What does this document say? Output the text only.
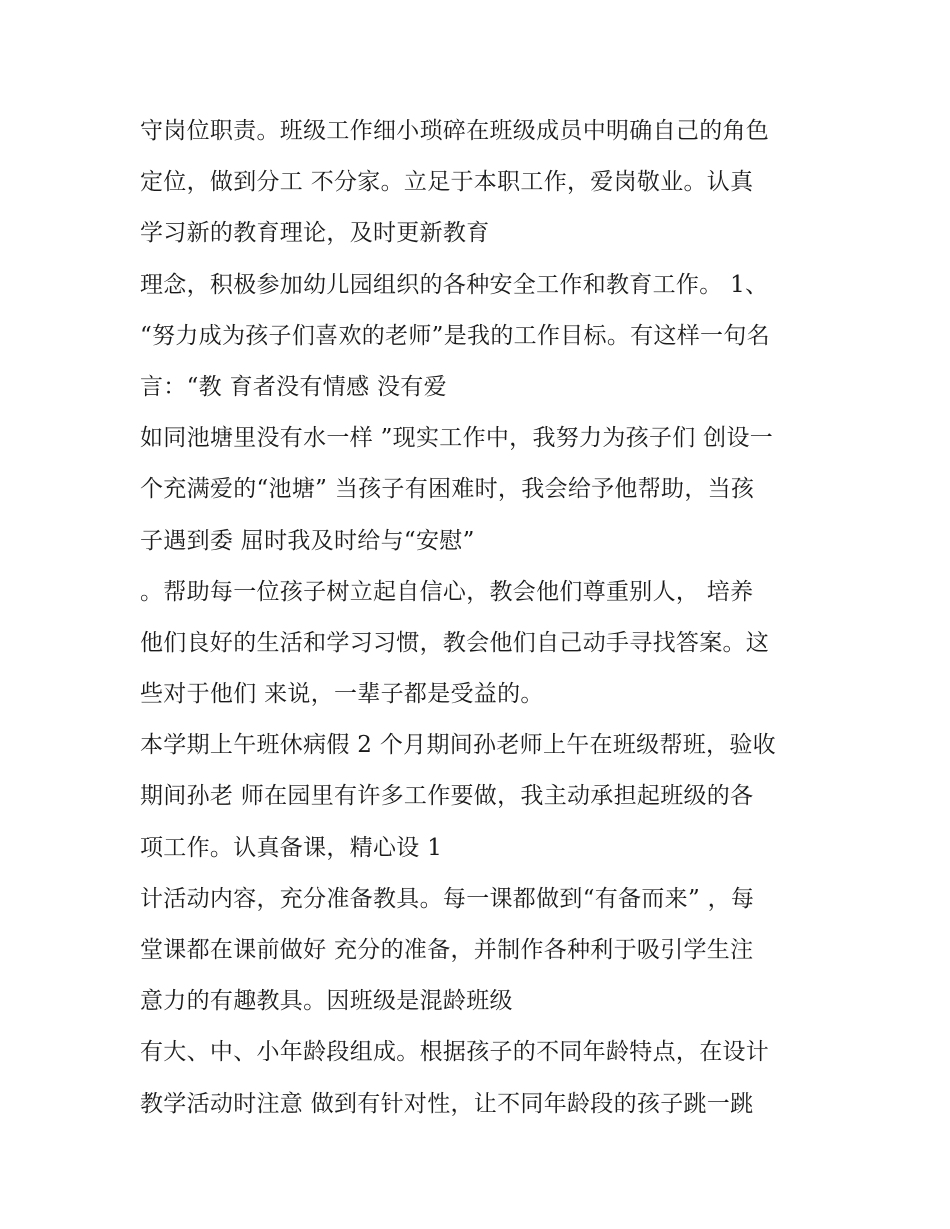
守岗位职责。班级工作细小琐碎在班级成员中明确自己的角色
定位，做到分工 不分家。立足于本职工作，爱岗敬业。认真
学习新的教育理论，及时更新教育
理念，积极参加幼儿园组织的各种安全工作和教育工作。 1、
“努力成为孩子们喜欢的老师”是我的工作目标。有这样一句名
言：“教 育者没有情感 没有爱
如同池塘里没有水一样 ”现实工作中，我努力为孩子们 创设一
个充满爱的“池塘” 当孩子有困难时，我会给予他帮助，当孩
子遇到委 屈时我及时给与“安慰”
。帮助每一位孩子树立起自信心，教会他们尊重别人， 培养
他们良好的生活和学习习惯，教会他们自己动手寻找答案。这
些对于他们 来说，一辈子都是受益的。
本学期上午班休病假 2 个月期间孙老师上午在班级帮班，验收
期间孙老 师在园里有许多工作要做，我主动承担起班级的各
项工作。认真备课，精心设 1
计活动内容，充分准备教具。每一课都做到“有备而来” ，每
堂课都在课前做好 充分的准备，并制作各种利于吸引学生注
意力的有趣教具。因班级是混龄班级
有大、中、小年龄段组成。根据孩子的不同年龄特点，在设计
教学活动时注意 做到有针对性，让不同年龄段的孩子跳一跳
